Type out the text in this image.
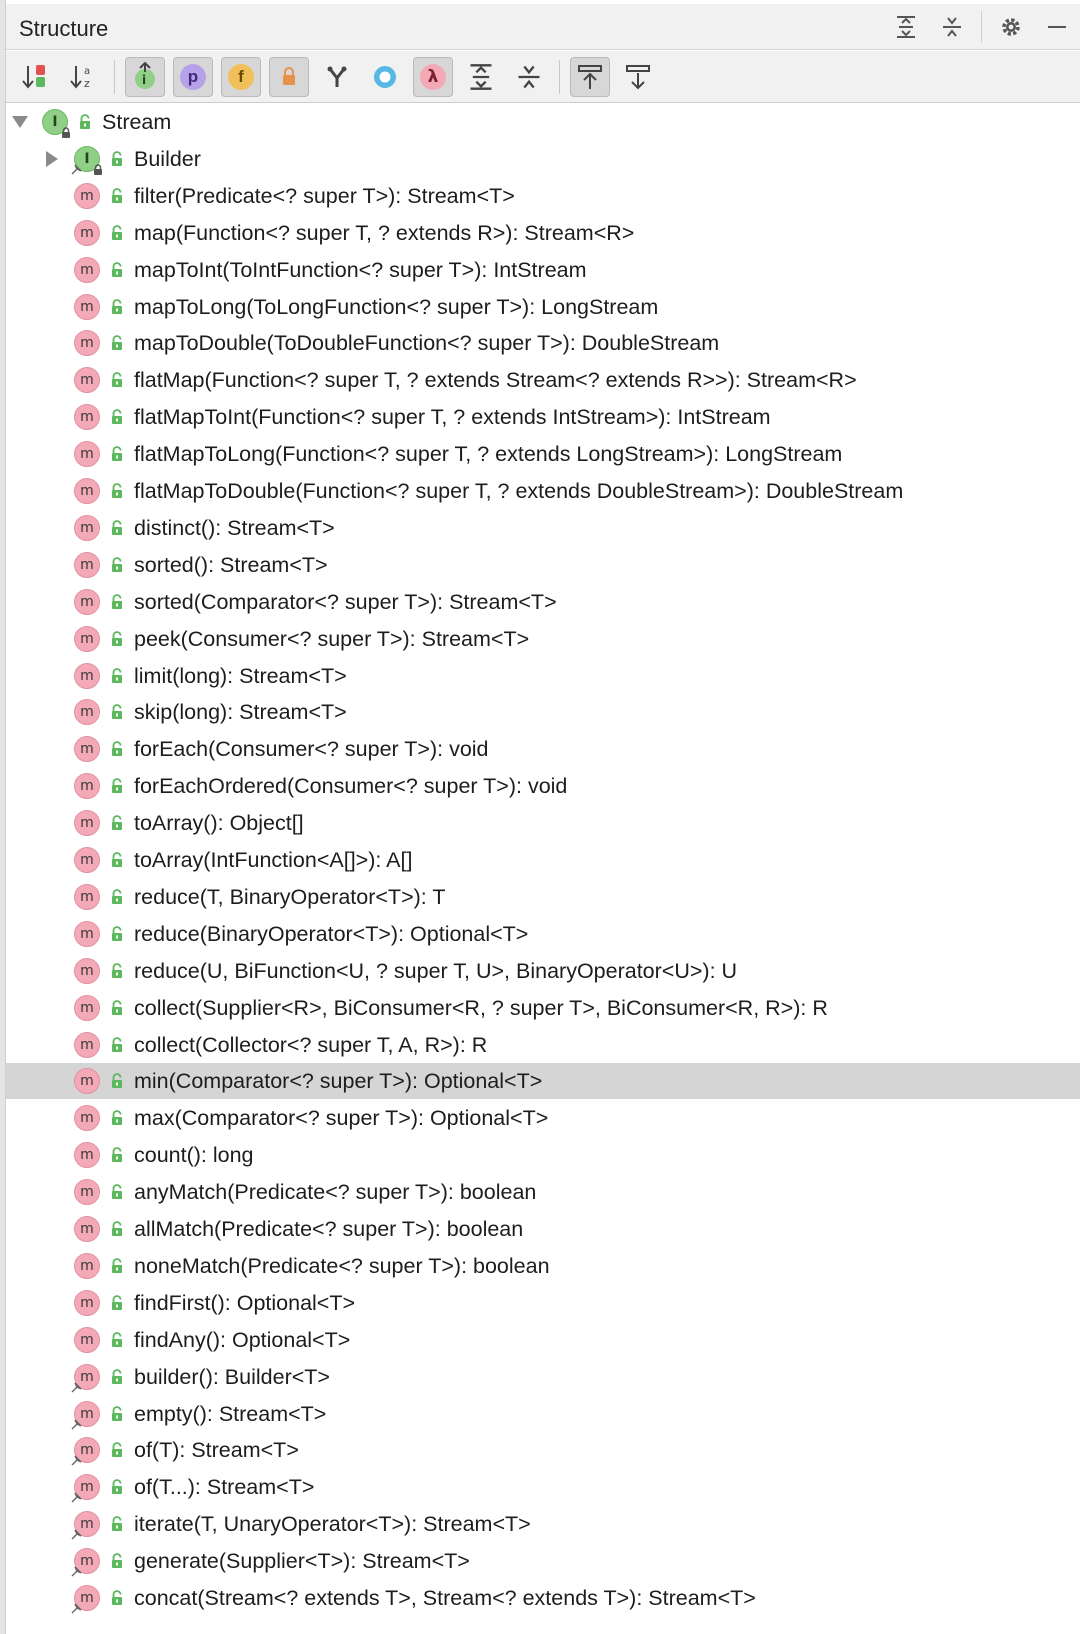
Structure
a
z	i	p	f	λ
I	Stream
I	Builder
m filter(Predicate<? super T>): Stream<T>
m map(Function<? super T, ? extends R>): Stream<R>
m mapToInt(ToIntFunction<? super T>): IntStream
m mapToLong(ToLongFunction<? super T>): LongStream
m mapToDouble(ToDoubleFunction<? super T>): DoubleStream
m flatMap(Function<? super T, ? extends Stream<? extends R>>): Stream<R>
m flatMapToInt(Function<? super T, ? extends IntStream>): IntStream
m flatMapToLong(Function<? super T, ? extends LongStream>): LongStream
m flatMapToDouble(Function<? super T, ? extends DoubleStream>): DoubleStream
m distinct(): Stream<T>
m sorted(): Stream<T>
m sorted(Comparator<? super T>): Stream<T>
m peek(Consumer<? super T>): Stream<T>
m limit(long): Stream<T>
m skip(long): Stream<T>
m forEach(Consumer<? super T>): void
m forEachOrdered(Consumer<? super T>): void
m toArray(): Object[]
m toArray(IntFunction<A[]>): A[]
m reduce(T, BinaryOperator<T>): T
m reduce(BinaryOperator<T>): Optional<T>
m reduce(U, BiFunction<U, ? super T, U>, BinaryOperator<U>): U
m collect(Supplier<R>, BiConsumer<R, ? super T>, BiConsumer<R, R>): R
m collect(Collector<? super T, A, R>): R
m min(Comparator<? super T>): Optional<T>
m max(Comparator<? super T>): Optional<T>
m count(): long
m anyMatch(Predicate<? super T>): boolean
m allMatch(Predicate<? super T>): boolean
m noneMatch(Predicate<? super T>): boolean
m findFirst(): Optional<T>
m findAny(): Optional<T>
m builder(): Builder<T>
m empty(): Stream<T>
m of(T): Stream<T>
m of(T...): Stream<T>
m iterate(T, UnaryOperator<T>): Stream<T>
m generate(Supplier<T>): Stream<T>
m concat(Stream<? extends T>, Stream<? extends T>): Stream<T>
